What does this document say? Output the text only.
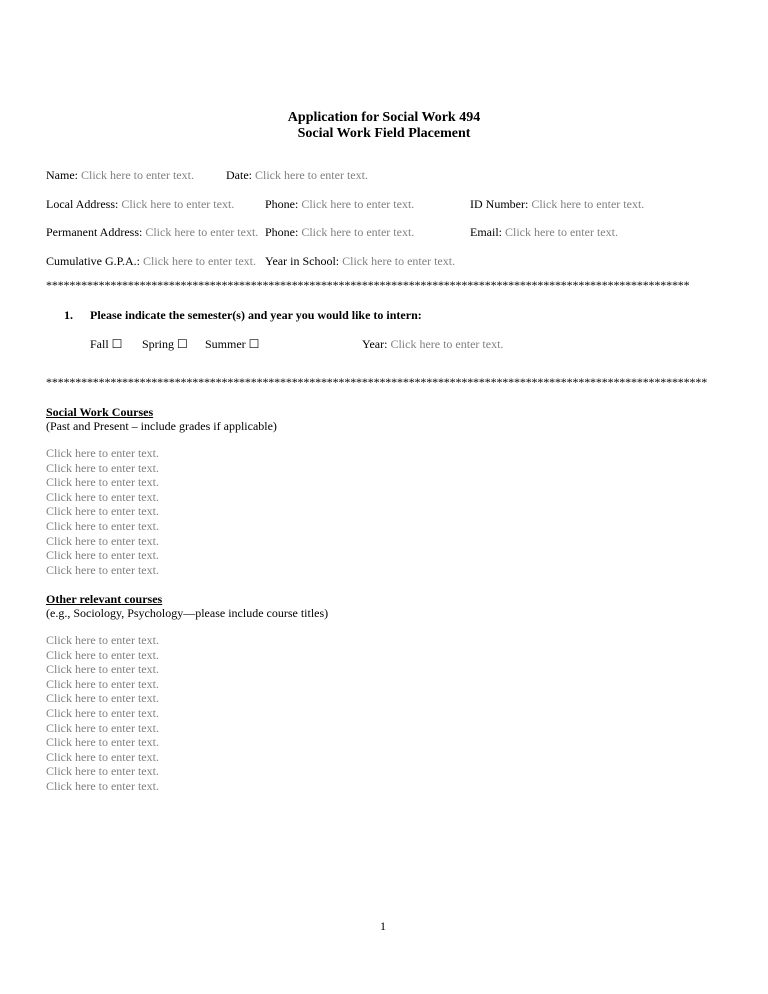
Application for Social Work 494
Social Work Field Placement
Name: Click here to enter text.	Date: Click here to enter text.
Local Address: Click here to enter text.	Phone: Click here to enter text.	ID Number: Click here to enter text.
Permanent Address: Click here to enter text. Phone: Click here to enter text.	Email: Click here to enter text.
Cumulative G.P.A.: Click here to enter text. Year in School: Click here to enter text.
**************************************************************************************************************
1. Please indicate the semester(s) and year you would like to intern:
Fall ☐ Spring ☐ Summer ☐	Year: Click here to enter text.
*****************************************************************************************************************
Social Work Courses
(Past and Present – include grades if applicable)
Click here to enter text.
Click here to enter text.
Click here to enter text.
Click here to enter text.
Click here to enter text.
Click here to enter text.
Click here to enter text.
Click here to enter text.
Click here to enter text.
Other relevant courses
(e.g., Sociology, Psychology—please include course titles)
Click here to enter text.
Click here to enter text.
Click here to enter text.
Click here to enter text.
Click here to enter text.
Click here to enter text.
Click here to enter text.
Click here to enter text.
Click here to enter text.
Click here to enter text.
Click here to enter text.
1
